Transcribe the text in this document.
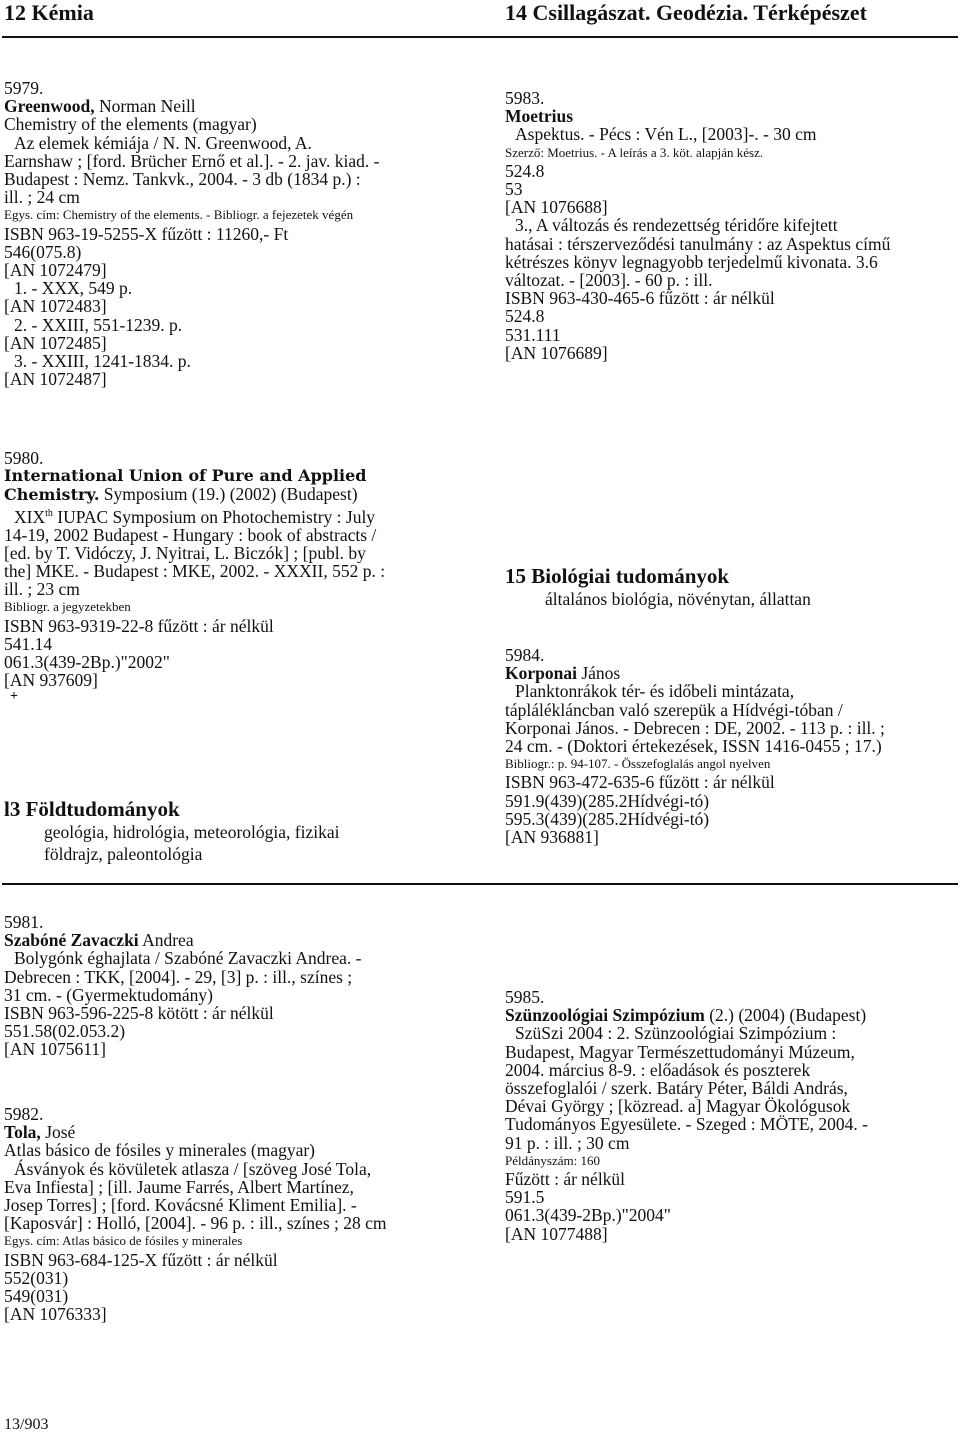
12 Kémia	14 Csillagászat. Geodézia. Térképészet
5979.
Greenwood, Norman Neill
Chemistry of the elements (magyar)
Az elemek kémiája / N. N. Greenwood, A.
Earnshaw ; [ford. Brücher Ernő et al.]. - 2. jav. kiad. -
Budapest : Nemz. Tankvk., 2004. - 3 db (1834 p.) :
ill. ; 24 cm
Egys. cím: Chemistry of the elements. - Bibliogr. a fejezetek végén
ISBN 963-19-5255-X fűzött : 11260,- Ft
546(075.8)
[AN 1072479]
1. - XXX, 549 p.
[AN 1072483]
2. - XXIII, 551-1239. p.
[AN 1072485]
3. - XXIII, 1241-1834. p.
[AN 1072487]
5980.
International Union of Pure and Applied
Chemistry. Symposium (19.) (2002) (Budapest)
XIXth IUPAC Symposium on Photochemistry : July
14-19, 2002 Budapest - Hungary : book of abstracts /
[ed. by T. Vidóczy, J. Nyitrai, L. Biczók] ; [publ. by
the] MKE. - Budapest : MKE, 2002. - XXXII, 552 p. :
ill. ; 23 cm
Bibliogr. a jegyzetekben
ISBN 963-9319-22-8 fűzött : ár nélkül
541.14
061.3(439-2Bp.)"2002"
[AN 937609]
+
l3 Földtudományok
geológia, hidrológia, meteorológia, fizikai
földrajz, paleontológia
5983.
Moetrius
Aspektus. - Pécs : Vén L., [2003]-. - 30 cm
Szerző: Moetrius. - A leírás a 3. köt. alapján kész.
524.8
53
[AN 1076688]
3., A változás és rendezettség téridőre kifejtett
hatásai : térszerveződési tanulmány : az Aspektus című
kétrészes könyv legnagyobb terjedelmű kivonata. 3.6
változat. - [2003]. - 60 p. : ill.
ISBN 963-430-465-6 fűzött : ár nélkül
524.8
531.111
[AN 1076689]
15 Biológiai tudományok
általános biológia, növénytan, állattan
5984.
Korponai János
Planktonrákok tér- és időbeli mintázata,
táplálékláncban való szerepük a Hídvégi-tóban /
Korponai János. - Debrecen : DE, 2002. - 113 p. : ill. ;
24 cm. - (Doktori értekezések, ISSN 1416-0455 ; 17.)
Bibliogr.: p. 94-107. - Összefoglalás angol nyelven
ISBN 963-472-635-6 fűzött : ár nélkül
591.9(439)(285.2Hídvégi-tó)
595.3(439)(285.2Hídvégi-tó)
[AN 936881]
5981.
Szabóné Zavaczki Andrea
Bolygónk éghajlata / Szabóné Zavaczki Andrea. -
Debrecen : TKK, [2004]. - 29, [3] p. : ill., színes ;
31 cm. - (Gyermektudomány)
ISBN 963-596-225-8 kötött : ár nélkül
551.58(02.053.2)
[AN 1075611]
5982.
Tola, José
Atlas básico de fósiles y minerales (magyar)
Ásványok és kövületek atlasza / [szöveg José Tola,
Eva Infiesta] ; [ill. Jaume Farrés, Albert Martínez,
Josep Torres] ; [ford. Kovácsné Kliment Emilia]. -
[Kaposvár] : Holló, [2004]. - 96 p. : ill., színes ; 28 cm
Egys. cím: Atlas básico de fósiles y minerales
ISBN 963-684-125-X fűzött : ár nélkül
552(031)
549(031)
[AN 1076333]
5985.
Szünzoológiai Szimpózium (2.) (2004) (Budapest)
SzüSzi 2004 : 2. Szünzoológiai Szimpózium :
Budapest, Magyar Természettudományi Múzeum,
2004. március 8-9. : előadások és poszterek
összefoglalói / szerk. Batáry Péter, Báldi András,
Dévai György ; [közread. a] Magyar Ökológusok
Tudományos Egyesülete. - Szeged : MÖTE, 2004. -
91 p. : ill. ; 30 cm
Példányszám: 160
Fűzött : ár nélkül
591.5
061.3(439-2Bp.)"2004"
[AN 1077488]
13/903
